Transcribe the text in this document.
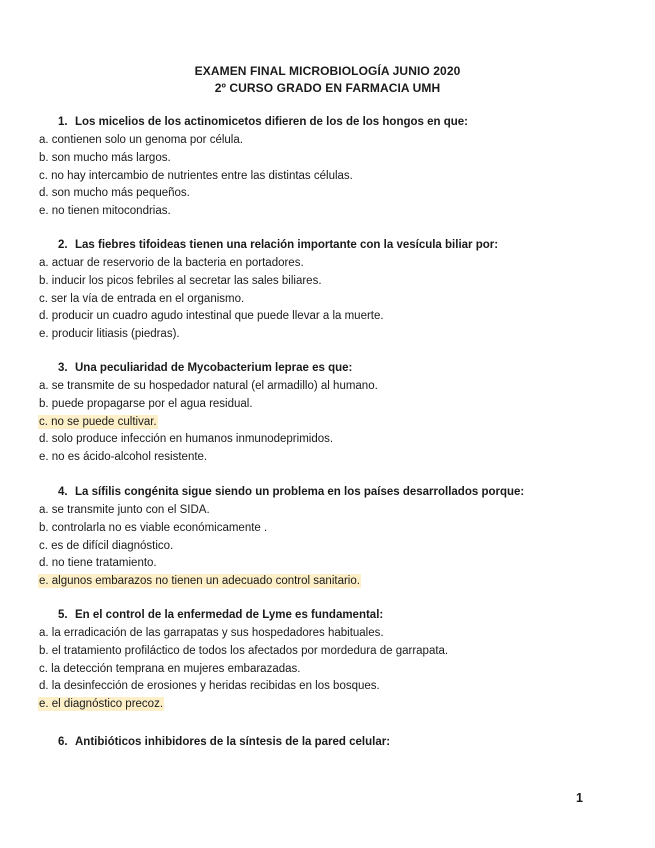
EXAMEN FINAL MICROBIOLOGÍA JUNIO 2020
2º CURSO GRADO EN FARMACIA UMH
1. Los micelios de los actinomicetos difieren de los de los hongos en que:
a. contienen solo un genoma por célula.
b. son mucho más largos.
c. no hay intercambio de nutrientes entre las distintas células.
d. son mucho más pequeños.
e. no tienen mitocondrias.
2. Las fiebres tifoideas tienen una relación importante con la vesícula biliar por:
a. actuar de reservorio de la bacteria en portadores.
b. inducir los picos febriles al secretar las sales biliares.
c. ser la vía de entrada en el organismo.
d. producir un cuadro agudo intestinal que puede llevar a la muerte.
e. producir litiasis (piedras).
3. Una peculiaridad de Mycobacterium leprae es que:
a. se transmite de su hospedador natural (el armadillo) al humano.
b. puede propagarse por el agua residual.
c. no se puede cultivar.
d. solo produce infección en humanos inmunodeprimidos.
e. no es ácido-alcohol resistente.
4. La sífilis congénita sigue siendo un problema en los países desarrollados porque:
a. se transmite junto con el SIDA.
b. controlarla no es viable económicamente .
c. es de difícil diagnóstico.
d. no tiene tratamiento.
e. algunos embarazos no tienen un adecuado control sanitario.
5. En el control de la enfermedad de Lyme es fundamental:
a. la erradicación de las garrapatas y sus hospedadores habituales.
b. el tratamiento profiláctico de todos los afectados por mordedura de garrapata.
c. la detección temprana en mujeres embarazadas.
d. la desinfección de erosiones y heridas recibidas en los bosques.
e. el diagnóstico precoz.
6. Antibióticos inhibidores de la síntesis de la pared celular:
1
